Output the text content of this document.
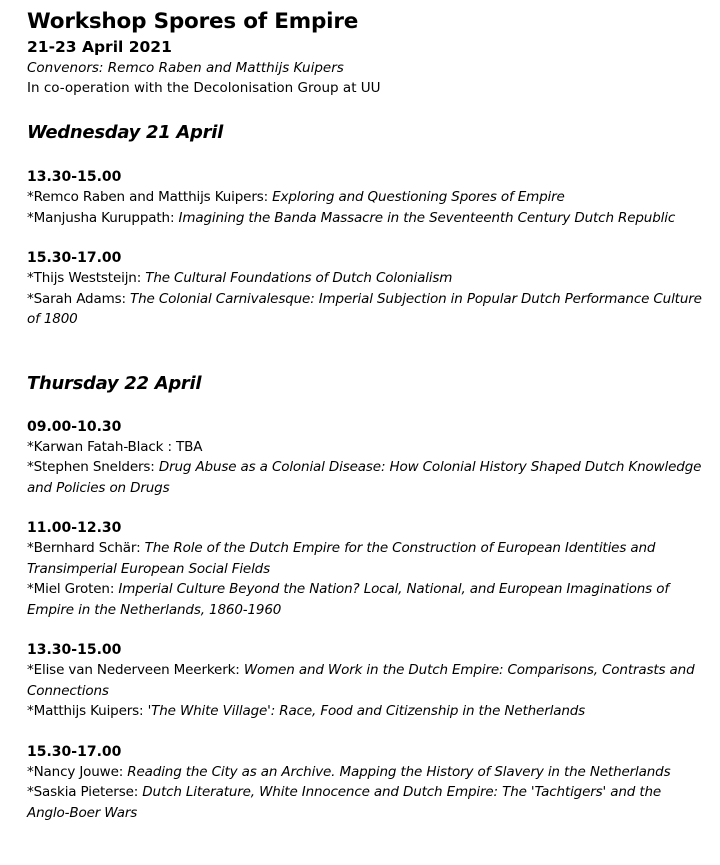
Workshop Spores of Empire
21-23 April 2021
Convenors: Remco Raben and Matthijs Kuipers
In co-operation with the Decolonisation Group at UU
Wednesday 21 April
13.30-15.00
*Remco Raben and Matthijs Kuipers: Exploring and Questioning Spores of Empire
*Manjusha Kuruppath: Imagining the Banda Massacre in the Seventeenth Century Dutch Republic
15.30-17.00
*Thijs Weststeijn: The Cultural Foundations of Dutch Colonialism
*Sarah Adams: The Colonial Carnivalesque: Imperial Subjection in Popular Dutch Performance Culture of 1800
Thursday 22 April
09.00-10.30
*Karwan Fatah-Black : TBA
*Stephen Snelders: Drug Abuse as a Colonial Disease: How Colonial History Shaped Dutch Knowledge and Policies on Drugs
11.00-12.30
*Bernhard Schär: The Role of the Dutch Empire for the Construction of European Identities and Transimperial European Social Fields
*Miel Groten: Imperial Culture Beyond the Nation? Local, National, and European Imaginations of Empire in the Netherlands, 1860-1960
13.30-15.00
*Elise van Nederveen Meerkerk: Women and Work in the Dutch Empire: Comparisons, Contrasts and Connections
*Matthijs Kuipers: 'The White Village': Race, Food and Citizenship in the Netherlands
15.30-17.00
*Nancy Jouwe: Reading the City as an Archive. Mapping the History of Slavery in the Netherlands
*Saskia Pieterse: Dutch Literature, White Innocence and Dutch Empire: The 'Tachtigers' and the Anglo-Boer Wars
